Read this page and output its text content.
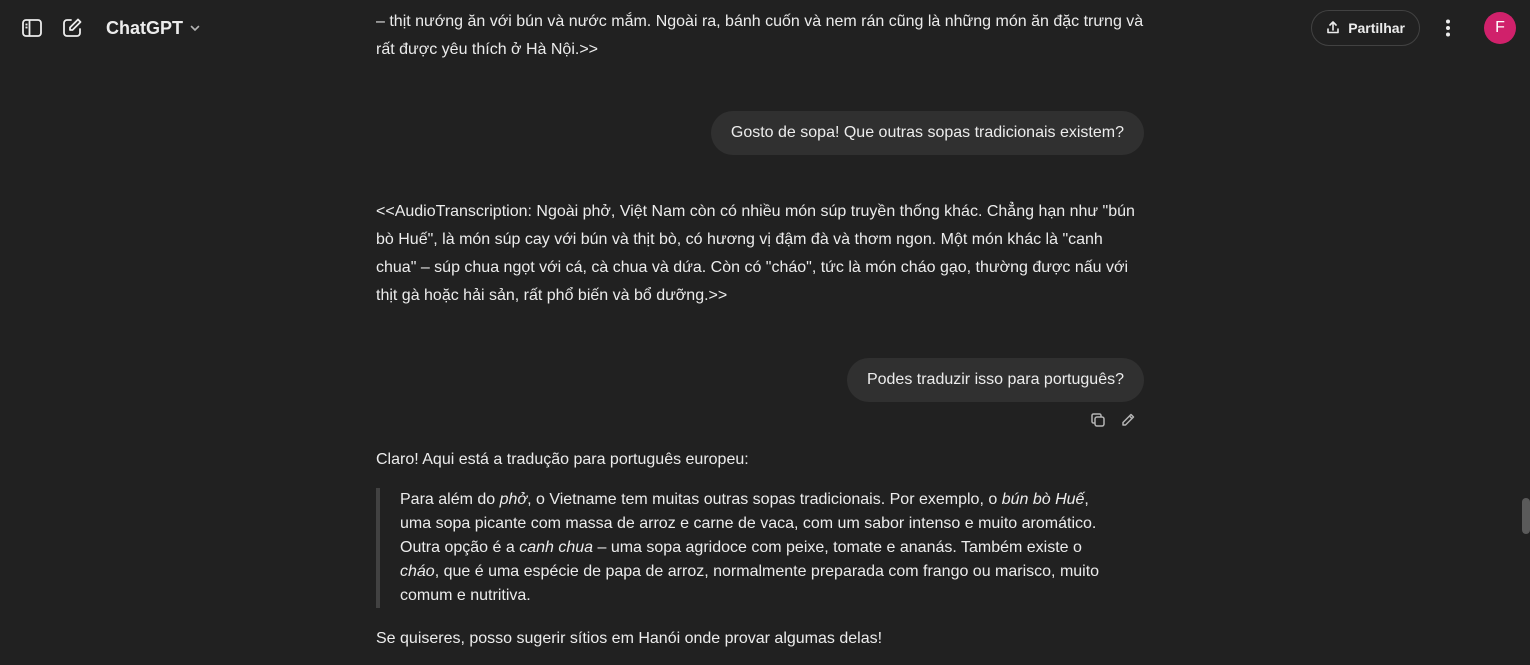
ChatGPT	Partilhar	F
– thịt nướng ăn với bún và nước mắm. Ngoài ra, bánh cuốn và nem rán cũng là những món ăn đặc trưng và
rất được yêu thích ở Hà Nội.>>
Gosto de sopa! Que outras sopas tradicionais existem?
<<AudioTranscription: Ngoài phở, Việt Nam còn có nhiều món súp truyền thống khác. Chẳng hạn như "bún bò Huế", là món súp cay với bún và thịt bò, có hương vị đậm đà và thơm ngon. Một món khác là "canh chua" – súp chua ngọt với cá, cà chua và dứa. Còn có "cháo", tức là món cháo gạo, thường được nấu với thịt gà hoặc hải sản, rất phổ biến và bổ dưỡng.>>
Podes traduzir isso para português?
Claro! Aqui está a tradução para português europeu:
Para além do phở, o Vietname tem muitas outras sopas tradicionais. Por exemplo, o bún bò Huế, uma sopa picante com massa de arroz e carne de vaca, com um sabor intenso e muito aromático. Outra opção é a canh chua – uma sopa agridoce com peixe, tomate e ananás. Também existe o cháo, que é uma espécie de papa de arroz, normalmente preparada com frango ou marisco, muito comum e nutritiva.
Se quiseres, posso sugerir sítios em Hanói onde provar algumas delas!
